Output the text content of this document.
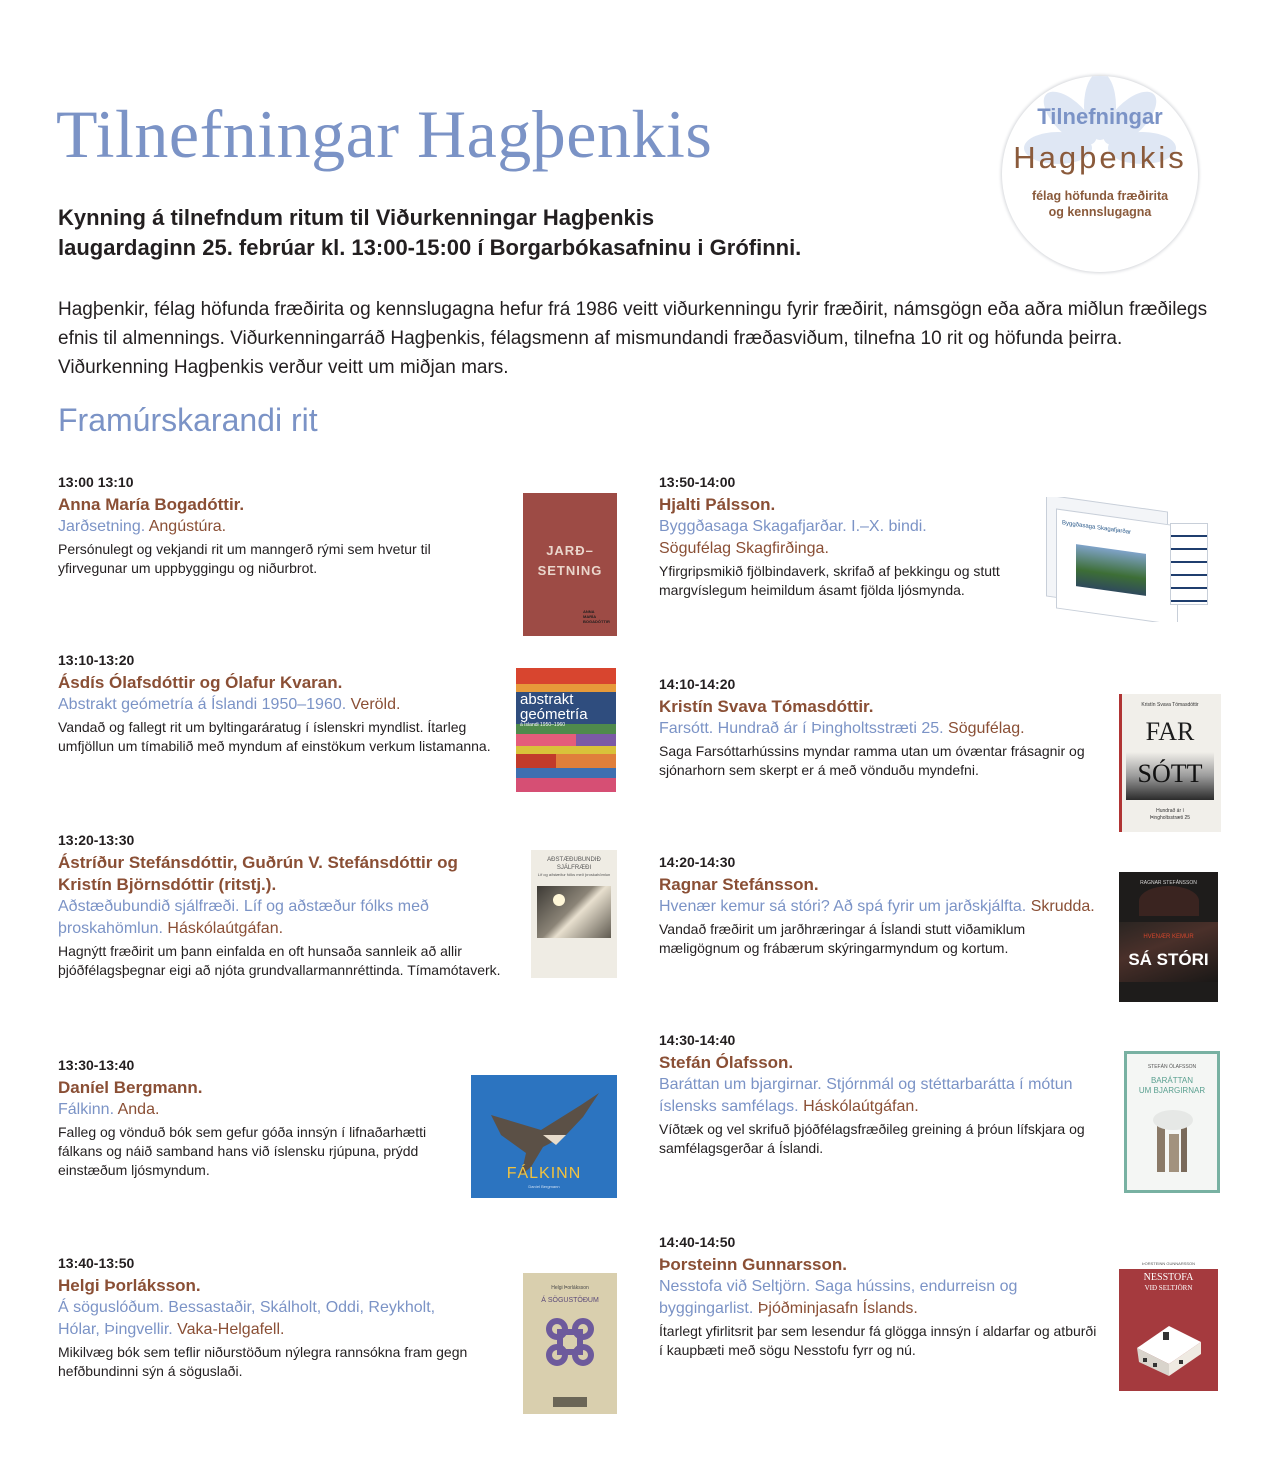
Tilnefningar Hagþenkis
Kynning á tilnefndum ritum til Viðurkenningar Hagþenkis
laugardaginn 25. febrúar kl. 13:00-15:00 í Borgarbókasafninu i Grófinni.
Hagþenkir, félag höfunda fræðirita og kennslugagna hefur frá 1986 veitt viðurkenningu fyrir fræðirit, námsgögn eða aðra miðlun fræðilegs efnis til almennings. Viðurkenningarráð Hagþenkis, félagsmenn af mismundandi fræðasviðum, tilnefna 10 rit og höfunda þeirra. Viðurkenning Hagþenkis verður veitt um miðjan mars.
Framúrskarandi rit
Tilnefningar
Hagþenkis
félag höfunda fræðirita
og kennslugagna
13:00 13:10
Anna María Bogadóttir.
Jarðsetning. Angústúra.
Persónulegt og vekjandi rit um manngerð rými sem hvetur til yfirvegunar um uppbyggingu og niðurbrot.
JARÐ–
SETNING
ANNA
MARÍA
BOGADÓTTIR
13:10-13:20
Ásdís Ólafsdóttir og Ólafur Kvaran.
Abstrakt geómetría á Íslandi 1950–1960. Veröld.
Vandað og fallegt rit um byltingaráratug í íslenskri myndlist. Ítarleg umfjöllun um tímabilið með myndum af einstökum verkum listamanna.
abstrakt
geómetría
á Íslandi 1950–1960
13:20-13:30
Ástríður Stefánsdóttir, Guðrún V. Stefánsdóttir og Kristín Björnsdóttir (ritstj.).
Aðstæðubundið sjálfræði. Líf og aðstæður fólks með þroskahömlun. Háskólaútgáfan.
Hagnýtt fræðirit um þann einfalda en oft hunsaða sannleik að allir þjóðfélagsþegnar eigi að njóta grundvallarmannréttinda. Tímamótaverk.
AÐSTÆÐUBUNDIÐ
SJÁLFRÆÐI
Líf og aðstæður fólks með þroskahömlun
13:30-13:40
Daníel Bergmann.
Fálkinn. Anda.
Falleg og vönduð bók sem gefur góða innsýn í lifnaðarhætti fálkans og náið samband hans við íslensku rjúpuna, prýdd einstæðum ljósmyndum.	FÁLKINN
Daníel Bergmann
13:40-13:50
Helgi Þorláksson.
Á söguslóðum. Bessastaðir, Skálholt, Oddi, Reykholt, Hólar, Þingvellir. Vaka-Helgafell.
Mikilvæg bók sem teflir niðurstöðum nýlegra rannsókna fram gegn hefðbundinni sýn á söguslaði.
Helgi Þorláksson
Á SÖGUSTÖÐUM
13:50-14:00
Hjalti Pálsson.
Byggðasaga Skagafjarðar. I.–X. bindi.
Sögufélag Skagfirðinga.
Yfirgripsmikið fjölbindaverk, skrifað af þekkingu og stutt margvíslegum heimildum ásamt fjölda ljósmynda.
Byggðasaga Skagafjarðar
14:10-14:20
Kristín Svava Tómasdóttir.
Farsótt. Hundrað ár í Þingholtsstræti 25. Sögufélag.
Saga Farsóttarhússins myndar ramma utan um óvæntar frásagnir og sjónarhorn sem skerpt er á með vönduðu myndefni.
Kristín Svava Tómasdóttir
FAR
SÓTT
Hundrað ár í
Þingholtsstræti 25
14:20-14:30
Ragnar Stefánsson.
Hvenær kemur sá stóri? Að spá fyrir um jarðskjálfta. Skrudda.
Vandað fræðirit um jarðhræringar á Íslandi stutt viðamiklum mæligögnum og frábærum skýringarmyndum og kortum.
RAGNAR STEFÁNSSON
HVENÆR KEMUR
SÁ STÓRI
14:30-14:40
Stefán Ólafsson.
Baráttan um bjargirnar. Stjórnmál og stéttarbarátta í mótun íslensks samfélags. Háskólaútgáfan.
Víðtæk og vel skrifuð þjóðfélagsfræðileg greining á þróun lífskjara og samfélagsgerðar á Íslandi.
STEFÁN ÓLAFSSON
BARÁTTAN
UM BJARGIRNAR
14:40-14:50
Þorsteinn Gunnarsson.
Nesstofa við Seltjörn. Saga hússins, endurreisn og byggingarlist. Þjóðminjasafn Íslands.
Ítarlegt yfirlitsrit þar sem lesendur fá glögga innsýn í aldarfar og atburði í kaupbæti með sögu Nesstofu fyrr og nú.
ÞORSTEINN GUNNARSSON
NESSTOFA
VIÐ SELTJÖRN
